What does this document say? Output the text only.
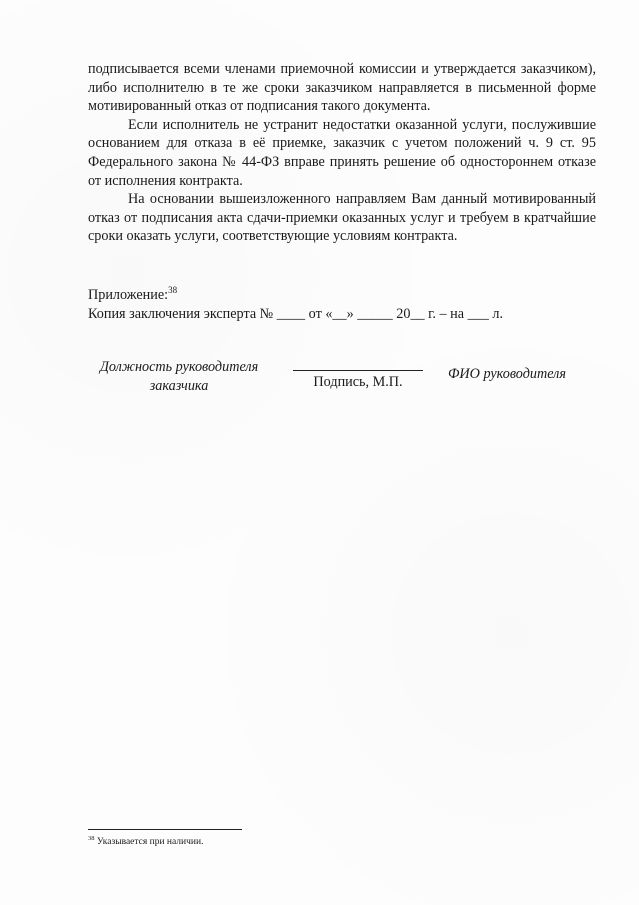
подписывается всеми членами приемочной комиссии и утверждается заказчиком), либо исполнителю в те же сроки заказчиком направляется в письменной форме мотивированный отказ от подписания такого документа.

Если исполнитель не устранит недостатки оказанной услуги, послужившие основанием для отказа в её приемке, заказчик с учетом положений ч. 9 ст. 95 Федерального закона № 44-ФЗ вправе принять решение об одностороннем отказе от исполнения контракта.

На основании вышеизложенного направляем Вам данный мотивированный отказ от подписания акта сдачи-приемки оказанных услуг и требуем в кратчайшие сроки оказать услуги, соответствующие условиям контракта.

Приложение:$^{38}$
Копия заключения эксперта № ____ от «__» _____ 20__ г. – на ___ л.
Должность руководителя
заказчика	Подпись, М.П.	ФИО руководителя
$^{38}$ Указывается при наличии.
